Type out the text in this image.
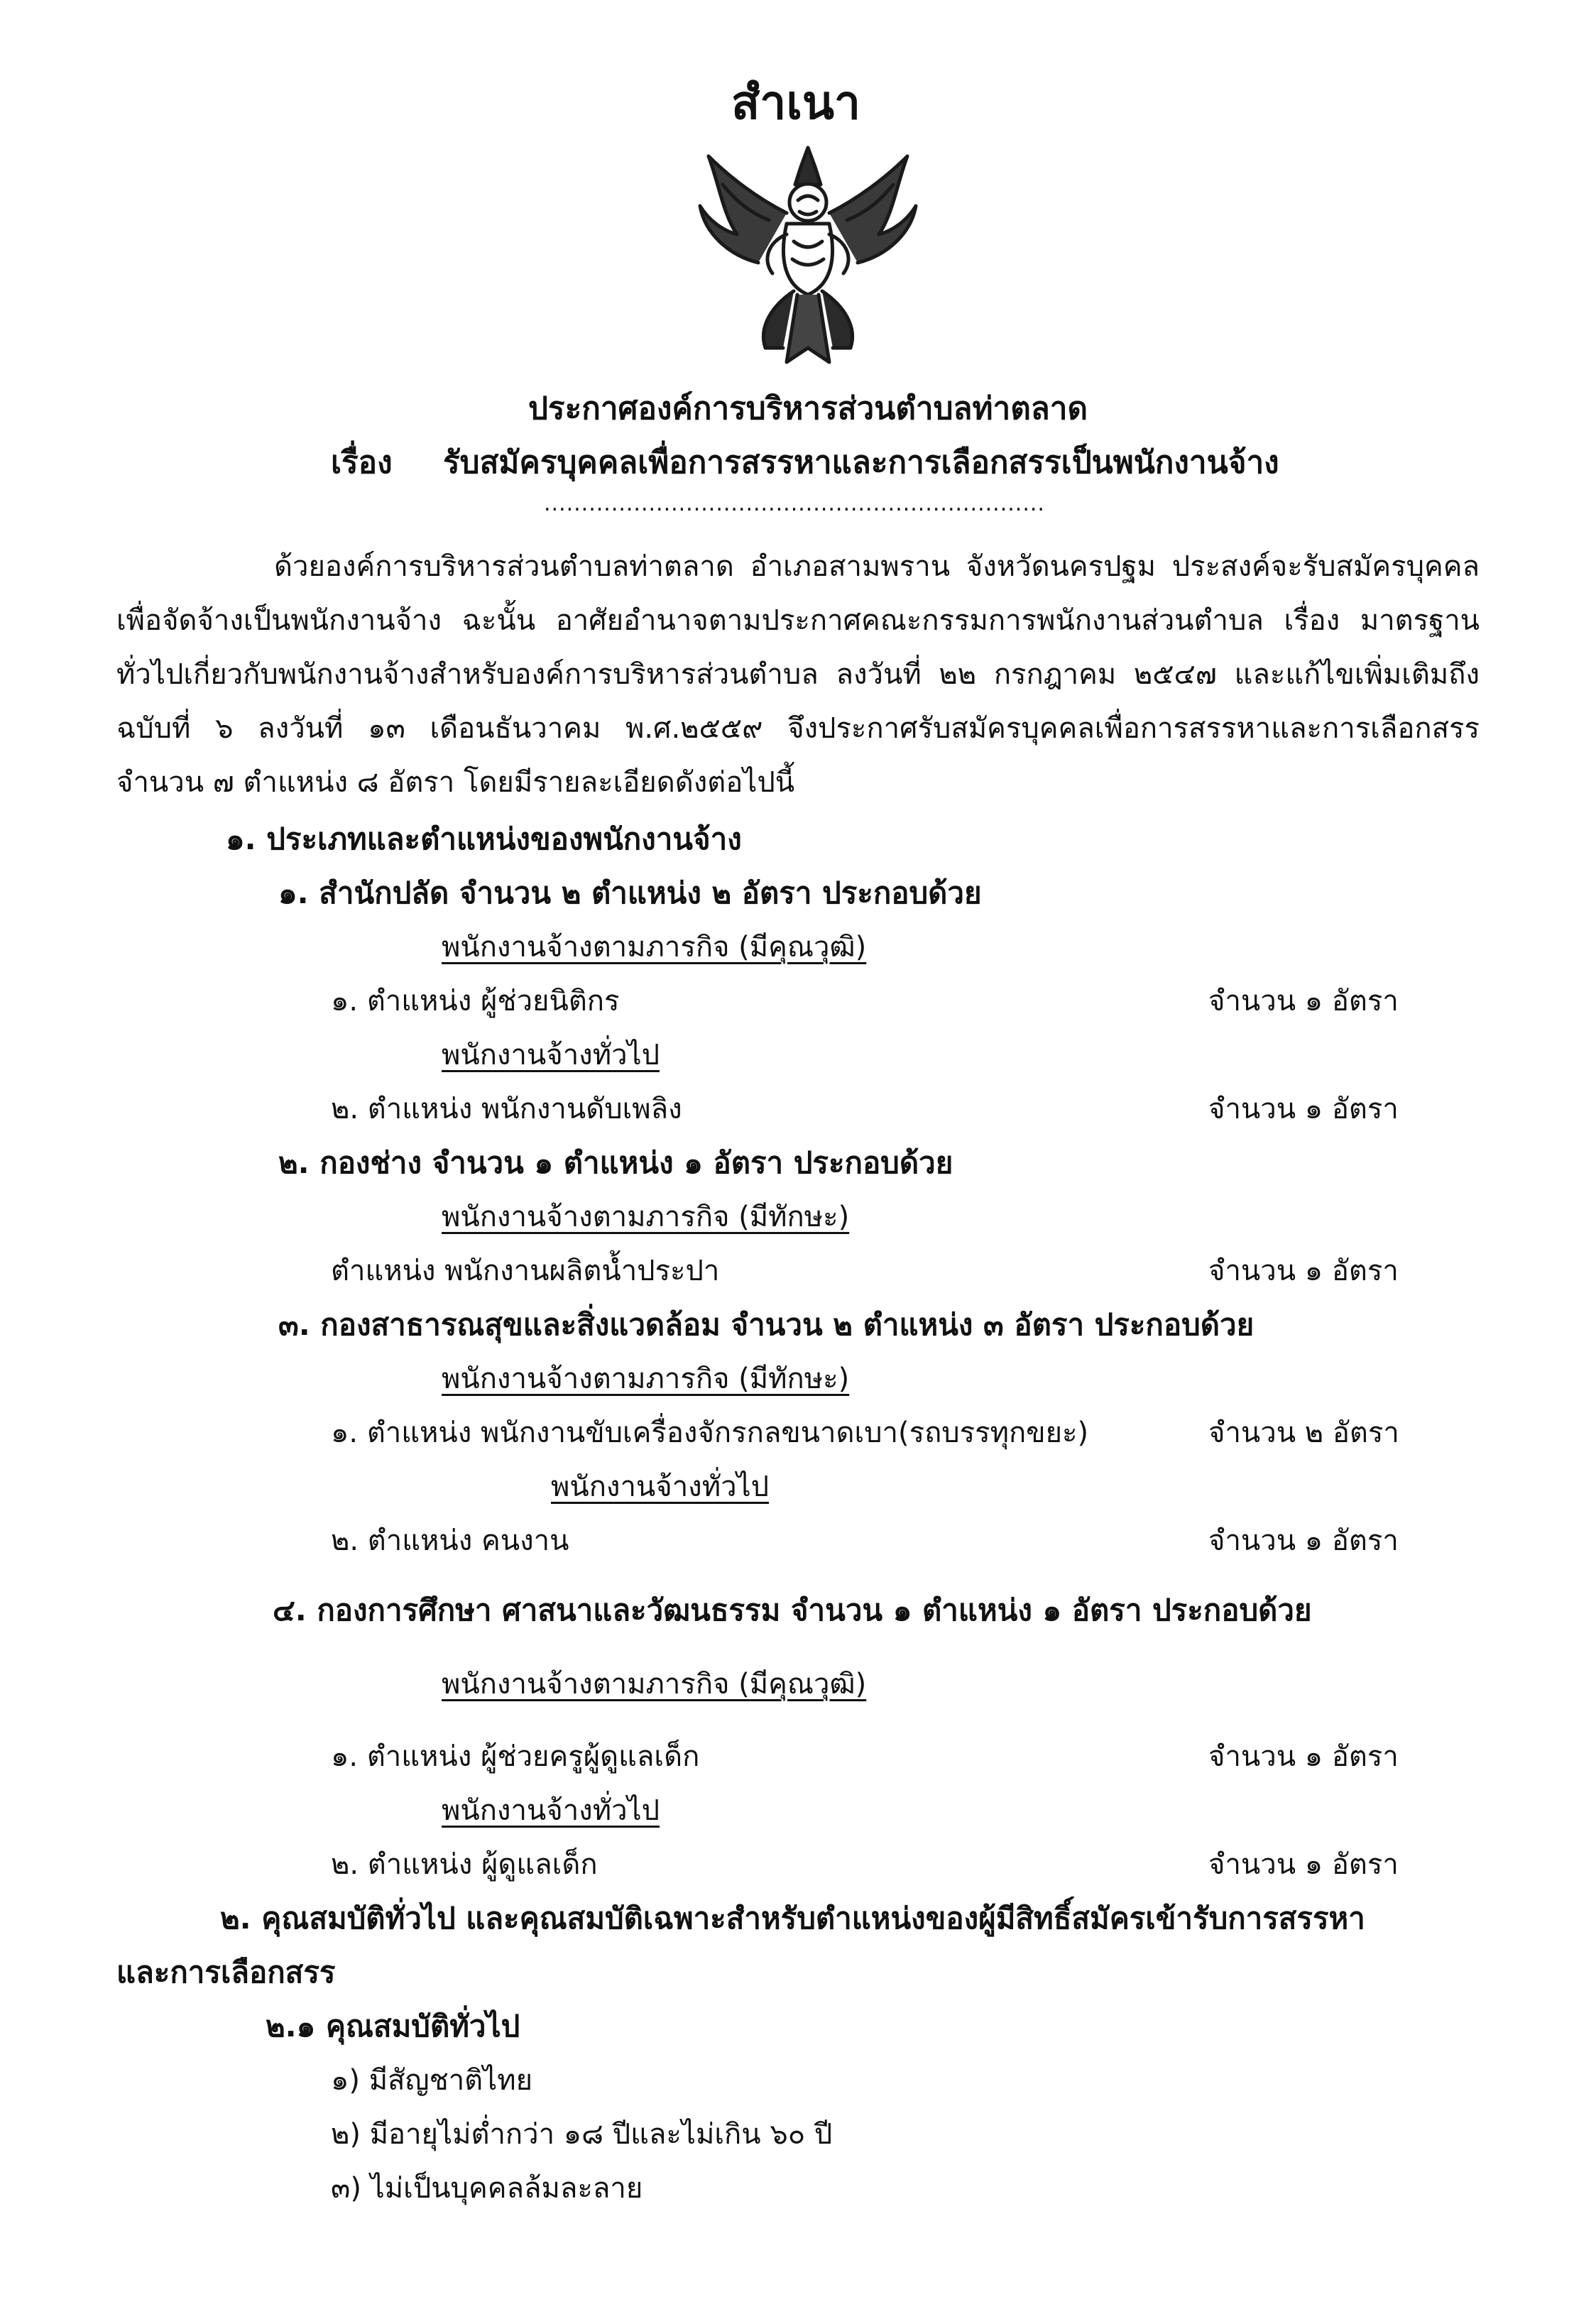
สำเนา
ประกาศองค์การบริหารส่วนตำบลท่าตลาด
เรื่อง รับสมัครบุคคลเพื่อการสรรหาและการเลือกสรรเป็นพนักงานจ้าง
...................................................................
ด้วยองค์การบริหารส่วนตำบลท่าตลาด อำเภอสามพราน จังหวัดนครปฐม ประสงค์จะรับสมัครบุคคลเพื่อจัดจ้างเป็นพนักงานจ้าง ฉะนั้น อาศัยอำนาจตามประกาศคณะกรรมการพนักงานส่วนตำบล เรื่อง มาตรฐานทั่วไปเกี่ยวกับพนักงานจ้างสำหรับองค์การบริหารส่วนตำบล ลงวันที่ ๒๒ กรกฎาคม ๒๕๔๗ และแก้ไขเพิ่มเติมถึงฉบับที่ ๖ ลงวันที่ ๑๓ เดือนธันวาคม พ.ศ.๒๕๕๙ จึงประกาศรับสมัครบุคคลเพื่อการสรรหาและการเลือกสรร จำนวน ๗ ตำแหน่ง ๘ อัตรา โดยมีรายละเอียดดังต่อไปนี้
๑. ประเภทและตำแหน่งของพนักงานจ้าง
๑. สำนักปลัด จำนวน ๒ ตำแหน่ง ๒ อัตรา ประกอบด้วย
พนักงานจ้างตามภารกิจ (มีคุณวุฒิ)
๑. ตำแหน่ง ผู้ช่วยนิติกร	จำนวน ๑ อัตรา
พนักงานจ้างทั่วไป
๒. ตำแหน่ง พนักงานดับเพลิง	จำนวน ๑ อัตรา
๒. กองช่าง จำนวน ๑ ตำแหน่ง ๑ อัตรา ประกอบด้วย
พนักงานจ้างตามภารกิจ (มีทักษะ)
ตำแหน่ง พนักงานผลิตน้ำประปา	จำนวน ๑ อัตรา
๓. กองสาธารณสุขและสิ่งแวดล้อม จำนวน ๒ ตำแหน่ง ๓ อัตรา ประกอบด้วย
พนักงานจ้างตามภารกิจ (มีทักษะ)
๑. ตำแหน่ง พนักงานขับเครื่องจักรกลขนาดเบา(รถบรรทุกขยะ)	จำนวน ๒ อัตรา
พนักงานจ้างทั่วไป
๒. ตำแหน่ง คนงาน	จำนวน ๑ อัตรา
๔. กองการศึกษา ศาสนาและวัฒนธรรม จำนวน ๑ ตำแหน่ง ๑ อัตรา ประกอบด้วย
พนักงานจ้างตามภารกิจ (มีคุณวุฒิ)
๑. ตำแหน่ง ผู้ช่วยครูผู้ดูแลเด็ก	จำนวน ๑ อัตรา
พนักงานจ้างทั่วไป
๒. ตำแหน่ง ผู้ดูแลเด็ก	จำนวน ๑ อัตรา
๒. คุณสมบัติทั่วไป และคุณสมบัติเฉพาะสำหรับตำแหน่งของผู้มีสิทธิ์สมัครเข้ารับการสรรหา
และการเลือกสรร
๒.๑ คุณสมบัติทั่วไป
๑) มีสัญชาติไทย
๒) มีอายุไม่ต่ำกว่า ๑๘ ปีและไม่เกิน ๖๐ ปี
๓) ไม่เป็นบุคคลล้มละลาย
